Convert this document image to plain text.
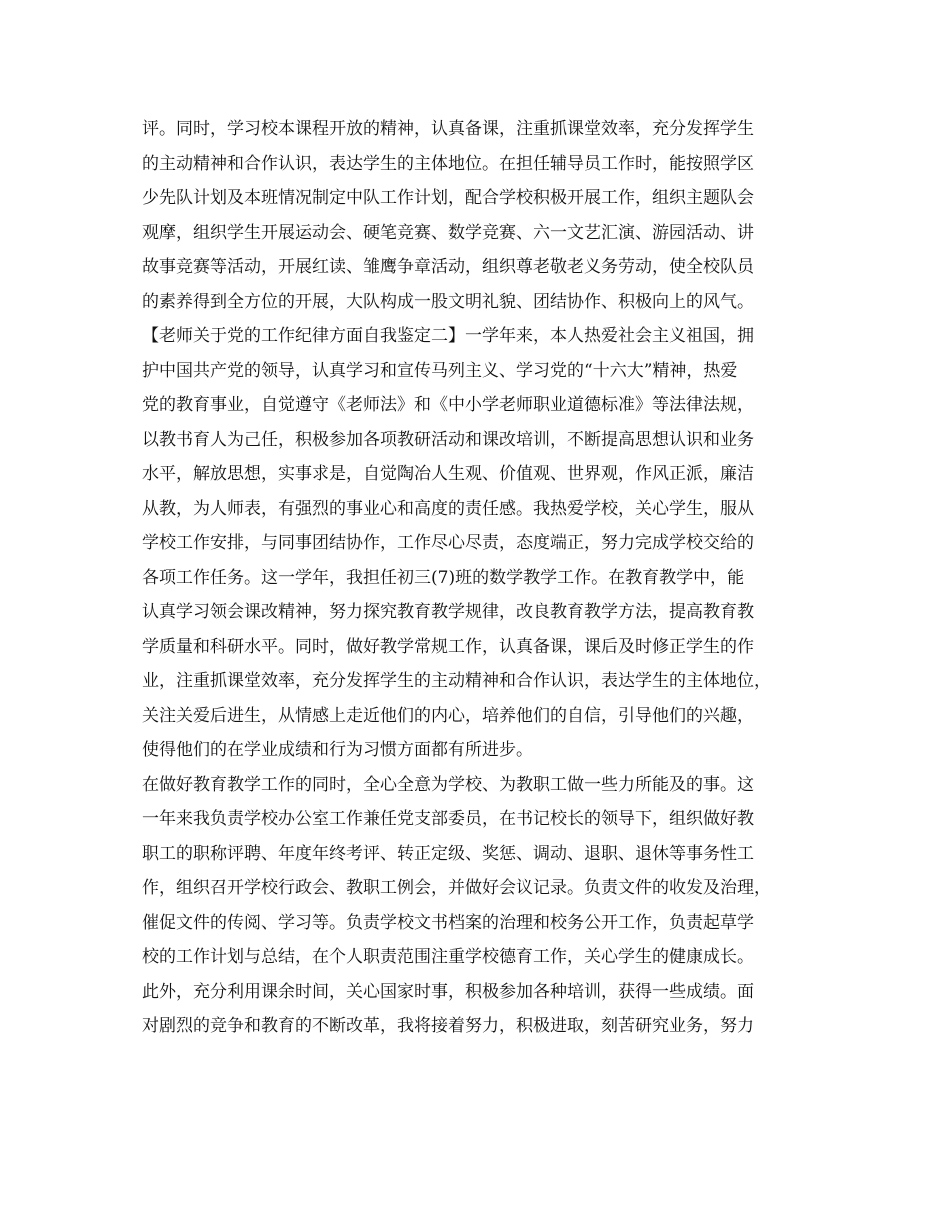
评。同时，学习校本课程开放的精神，认真备课，注重抓课堂效率，充分发挥学生
的主动精神和合作认识，表达学生的主体地位。在担任辅导员工作时，能按照学区
少先队计划及本班情况制定中队工作计划，配合学校积极开展工作，组织主题队会
观摩，组织学生开展运动会、硬笔竞赛、数学竞赛、六一文艺汇演、游园活动、讲
故事竞赛等活动，开展红读、雏鹰争章活动，组织尊老敬老义务劳动，使全校队员
的素养得到全方位的开展，大队构成一股文明礼貌、团结协作、积极向上的风气。
【老师关于党的工作纪律方面自我鉴定二】一学年来，本人热爱社会主义祖国，拥
护中国共产党的领导，认真学习和宣传马列主义、学习党的“十六大”精神，热爱
党的教育事业，自觉遵守《老师法》和《中小学老师职业道德标准》等法律法规，
以教书育人为己任，积极参加各项教研活动和课改培训，不断提高思想认识和业务
水平，解放思想，实事求是，自觉陶冶人生观、价值观、世界观，作风正派，廉洁
从教，为人师表，有强烈的事业心和高度的责任感。我热爱学校，关心学生，服从
学校工作安排，与同事团结协作，工作尽心尽责，态度端正，努力完成学校交给的
各项工作任务。这一学年，我担任初三(7)班的数学教学工作。在教育教学中，能
认真学习领会课改精神，努力探究教育教学规律，改良教育教学方法，提高教育教
学质量和科研水平。同时，做好教学常规工作，认真备课，课后及时修正学生的作
业，注重抓课堂效率，充分发挥学生的主动精神和合作认识，表达学生的主体地位，
关注关爱后进生，从情感上走近他们的内心，培养他们的自信，引导他们的兴趣，
使得他们的在学业成绩和行为习惯方面都有所进步。
在做好教育教学工作的同时，全心全意为学校、为教职工做一些力所能及的事。这
一年来我负责学校办公室工作兼任党支部委员，在书记校长的领导下，组织做好教
职工的职称评聘、年度年终考评、转正定级、奖惩、调动、退职、退休等事务性工
作，组织召开学校行政会、教职工例会，并做好会议记录。负责文件的收发及治理，
催促文件的传阅、学习等。负责学校文书档案的治理和校务公开工作，负责起草学
校的工作计划与总结，在个人职责范围注重学校德育工作，关心学生的健康成长。
此外，充分利用课余时间，关心国家时事，积极参加各种培训，获得一些成绩。面
对剧烈的竞争和教育的不断改革，我将接着努力，积极进取，刻苦研究业务，努力
